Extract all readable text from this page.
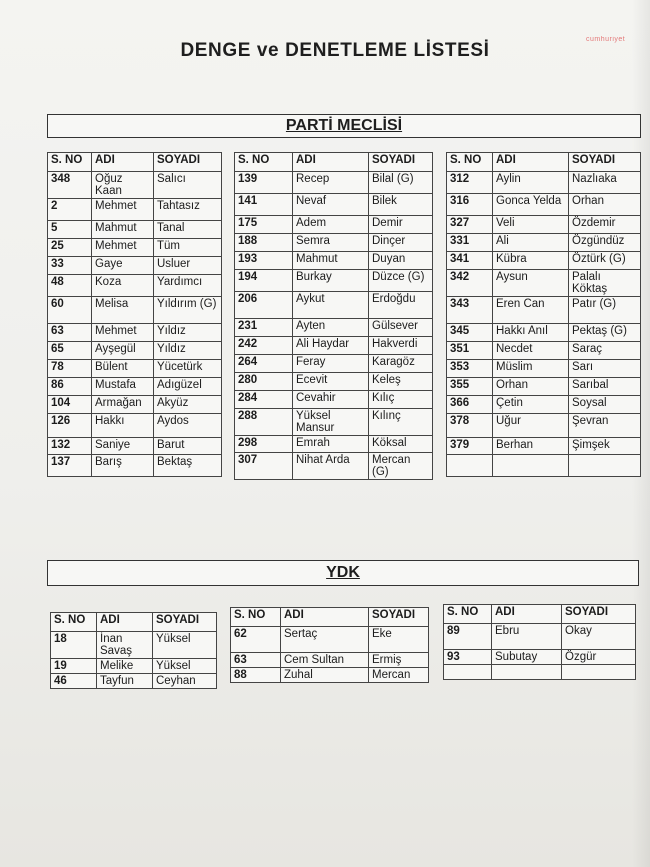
cumhuriyet
DENGE ve DENETLEME LİSTESİ
PARTİ MECLİSİ
S. NO	ADI	SOYADI
348	Oğuz Kaan	Salıcı
2	Mehmet	Tahtasız
5	Mahmut	Tanal
25	Mehmet	Tüm
33	Gaye	Usluer
48	Koza	Yardımcı
60	Melisa	Yıldırım (G)
63	Mehmet	Yıldız
65	Ayşegül	Yıldız
78	Bülent	Yücetürk
86	Mustafa	Adıgüzel
104	Armağan	Akyüz
126	Hakkı	Aydos
132	Saniye	Barut
137	Barış	Bektaş
S. NO	ADI	SOYADI
139	Recep	Bilal (G)
141	Nevaf	Bilek
175	Adem	Demir
188	Semra	Dinçer
193	Mahmut	Duyan
194	Burkay	Düzce (G)
206	Aykut	Erdoğdu
231	Ayten	Gülsever
242	Ali Haydar	Hakverdi
264	Feray	Karagöz
280	Ecevit	Keleş
284	Cevahir	Kılıç
288	Yüksel Mansur	Kılınç
298	Emrah	Köksal
307	Nihat Arda	Mercan (G)
S. NO	ADI	SOYADI
312	Aylin	Nazlıaka
316	Gonca Yelda	Orhan
327	Veli	Özdemir
331	Ali	Özgündüz
341	Kübra	Öztürk (G)
342	Aysun	Palalı Köktaş
343	Eren Can	Patır (G)
345	Hakkı Anıl	Pektaş (G)
351	Necdet	Saraç
353	Müslim	Sarı
355	Orhan	Sarıbal
366	Çetin	Soysal
378	Uğur	Şevran
379	Berhan	Şimşek

YDK
S. NO	ADI	SOYADI
18	İnan Savaş	Yüksel
19	Melike	Yüksel
46	Tayfun	Ceyhan
S. NO	ADI	SOYADI
62	Sertaç	Eke
63	Cem Sultan	Ermiş
88	Zuhal	Mercan
S. NO	ADI	SOYADI
89	Ebru	Okay
93	Subutay	Özgür
